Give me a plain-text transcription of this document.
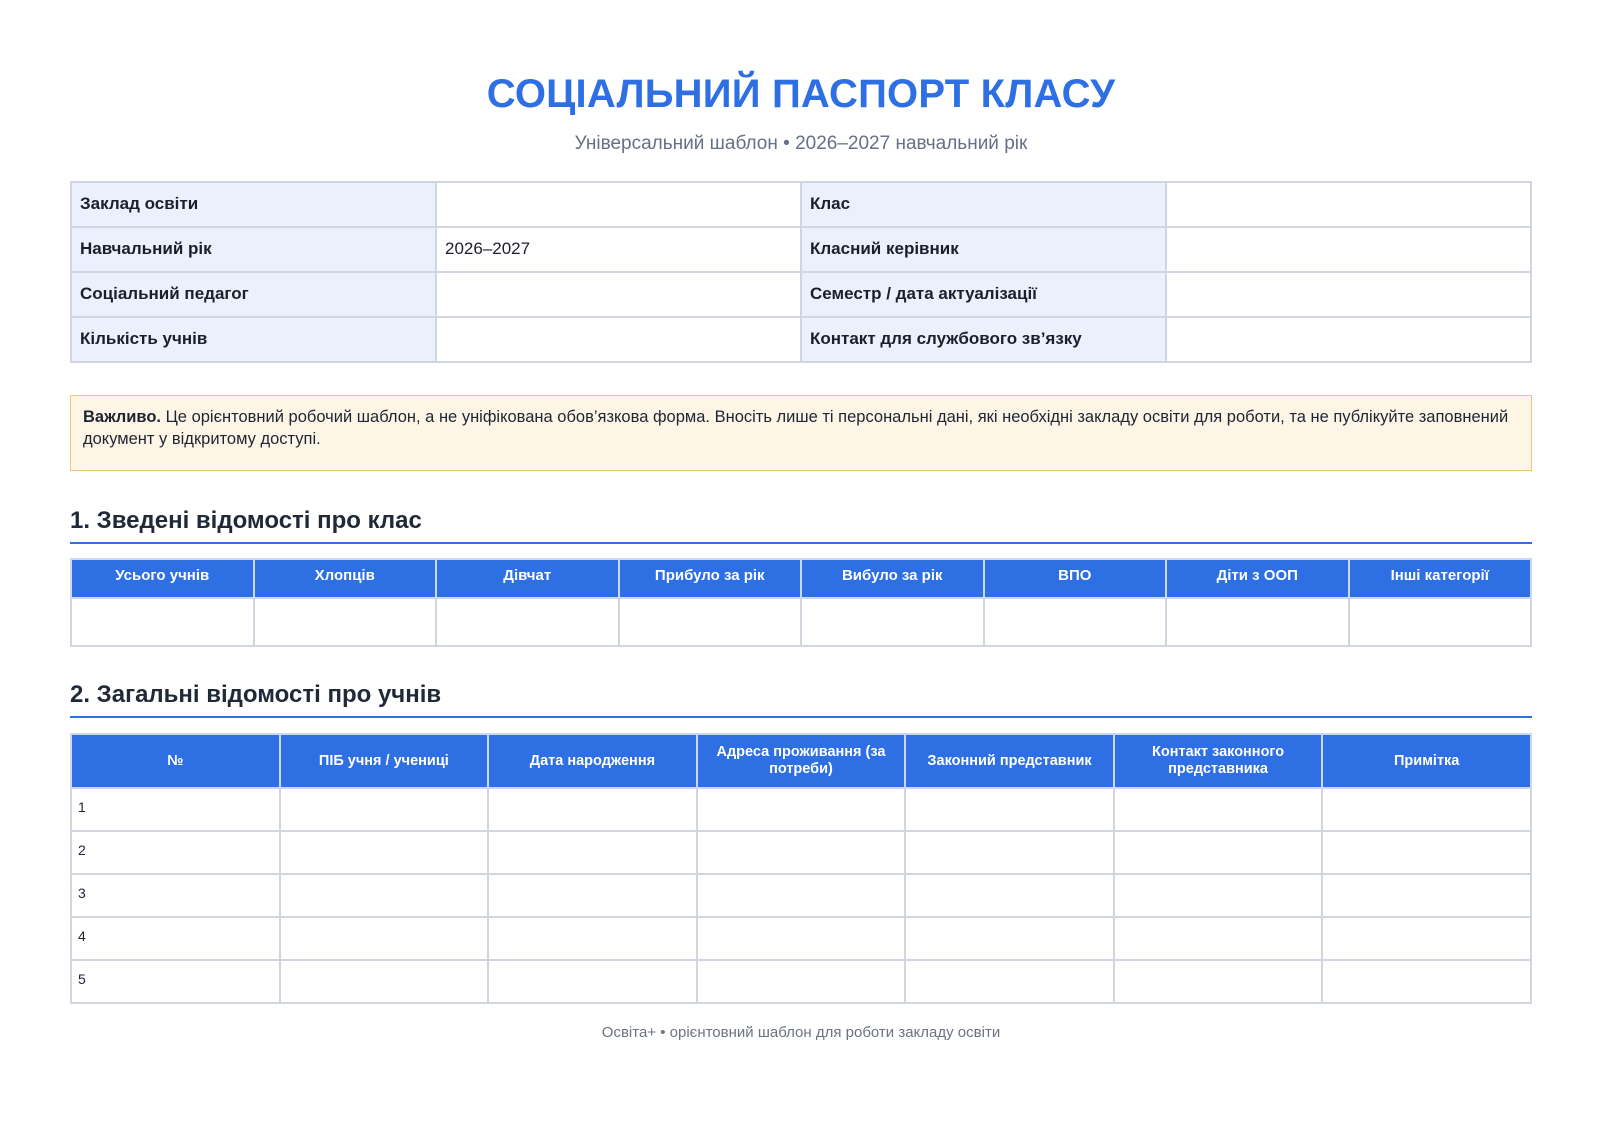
СОЦІАЛЬНИЙ ПАСПОРТ КЛАСУ
Універсальний шаблон • 2026–2027 навчальний рік
Заклад освіти		Клас	
Навчальний рік	2026–2027	Класний керівник	
Соціальний педагог		Семестр / дата актуалізації	
Кількість учнів		Контакт для службового зв’язку	
Важливо. Це орієнтовний робочий шаблон, а не уніфікована обов’язкова форма. Вносіть лише ті персональні дані, які необхідні закладу освіти для роботи, та не публікуйте заповнений документ у відкритому доступі.
1. Зведені відомості про клас
Усього учнів	Хлопців	Дівчат	Прибуло за рік	Вибуло за рік	ВПО	Діти з ООП	Інші категорії

2. Загальні відомості про учнів
№	ПІБ учня / учениці	Дата народження	Адреса проживання (за потреби)	Законний представник	Контакт законного представника	Примітка
1						
2						
3						
4						
5						
Освіта+ • орієнтовний шаблон для роботи закладу освіти
